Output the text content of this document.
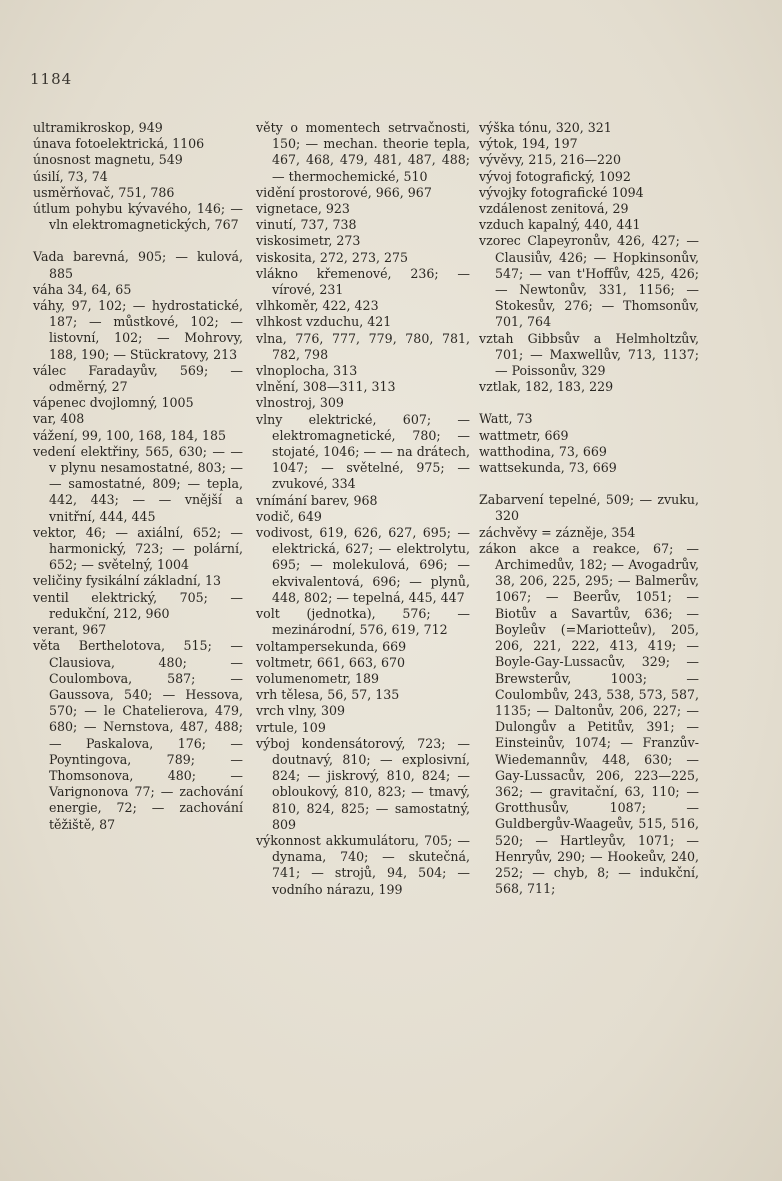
1184

ultramikroskop, 949

únava fotoelektrická, 1106

únosnost magnetu, 549

úsilí, 73, 74

usměrňovač, 751, 786

útlum pohybu kývavého, 146; — vln elektromagnetických, 767

Vada barevná, 905; — kulová, 885

váha 34, 64, 65

váhy, 97, 102; — hydrostatické, 187; — můstkové, 102; — listovní, 102; — Mohrovy, 188, 190; — Stückratovy, 213

válec Faradayův, 569; — odměrný, 27

vápenec dvojlomný, 1005

var, 408

vážení, 99, 100, 168, 184, 185

vedení elektřiny, 565, 630; — — v plynu nesamostatné, 803; — — samostatné, 809; — tepla, 442, 443; — — vnější a vnitřní, 444, 445

vektor, 46; — axiální, 652; — harmonický, 723; — polární, 652; — světelný, 1004

veličiny fysikální základní, 13

ventil elektrický, 705; — redukční, 212, 960

verant, 967

věta Berthelotova, 515; — Clausiova, 480; — Coulombova, 587; — Gaussova, 540; — Hessova, 570; — le Chatelierova, 479, 680; — Nernstova, 487, 488; — Paskalova, 176; — Poyntingova, 789; — Thomsonova, 480; — Varignonova 77; — zachování energie, 72; — zachování těžiště, 87

věty o momentech setrvačnosti, 150; — mechan. theorie tepla, 467, 468, 479, 481, 487, 488; — thermochemické, 510

vidění prostorové, 966, 967

vignetace, 923

vinutí, 737, 738

viskosimetr, 273

viskosita, 272, 273, 275

vlákno křemenové, 236; — vírové, 231

vlhkoměr, 422, 423

vlhkost vzduchu, 421

vlna, 776, 777, 779, 780, 781, 782, 798

vlnoplocha, 313

vlnění, 308—311, 313

vlnostroj, 309

vlny elektrické, 607; — elektromagnetické, 780; — stojaté, 1046; — — na drátech, 1047; — světelné, 975; — zvukové, 334

vnímání barev, 968

vodič, 649

vodivost, 619, 626, 627, 695; — elektrická, 627; — elektrolytu, 695; — molekulová, 696; — ekvivalentová, 696; — plynů, 448, 802; — tepelná, 445, 447

volt (jednotka), 576; — mezinárodní, 576, 619, 712

voltampersekunda, 669

voltmetr, 661, 663, 670

volumenometr, 189

vrh tělesa, 56, 57, 135

vrch vlny, 309

vrtule, 109

výboj kondensátorový, 723; — doutnavý, 810; — explosivní, 824; — jiskrový, 810, 824; — obloukový, 810, 823; — tmavý, 810, 824, 825; — samostatný, 809

výkonnost akkumulátoru, 705; — dynama, 740; — skutečná, 741; — strojů, 94, 504; — vodního nárazu, 199

výška tónu, 320, 321

výtok, 194, 197

vývěvy, 215, 216—220

vývoj fotografický, 1092

vývojky fotografické 1094

vzdálenost zenitová, 29

vzduch kapalný, 440, 441

vzorec Clapeyronův, 426, 427; — Clausiův, 426; — Hopkinsonův, 547; — van t'Hoffův, 425, 426; — Newtonův, 331, 1156; — Stokesův, 276; — Thomsonův, 701, 764

vztah Gibbsův a Helmholtzův, 701; — Maxwellův, 713, 1137; — Poissonův, 329

vztlak, 182, 183, 229

Watt, 73

wattmetr, 669

watthodina, 73, 669

wattsekunda, 73, 669

Zabarvení tepelné, 509; — zvuku, 320

záchvěvy = zázněje, 354

zákon akce a reakce, 67; — Archimedův, 182; — Avogadrův, 38, 206, 225, 295; — Balmerův, 1067; — Beerův, 1051; — Biotův a Savartův, 636; — Boyleův (=Mariotteův), 205, 206, 221, 222, 413, 419; — Boyle-Gay-Lussacův, 329; — Brewsterův, 1003; — Coulombův, 243, 538, 573, 587, 1135; — Daltonův, 206, 227; — Dulongův a Petitův, 391; — Einsteinův, 1074; — Franzův-Wiedemannův, 448, 630; — Gay-Lussacův, 206, 223—225, 362; — gravitační, 63, 110; — Grotthusův, 1087; — Guldbergův-Waageův, 515, 516, 520; — Hartleyův, 1071; — Henryův, 290; — Hookeův, 240, 252; — chyb, 8; — indukční, 568, 711;
